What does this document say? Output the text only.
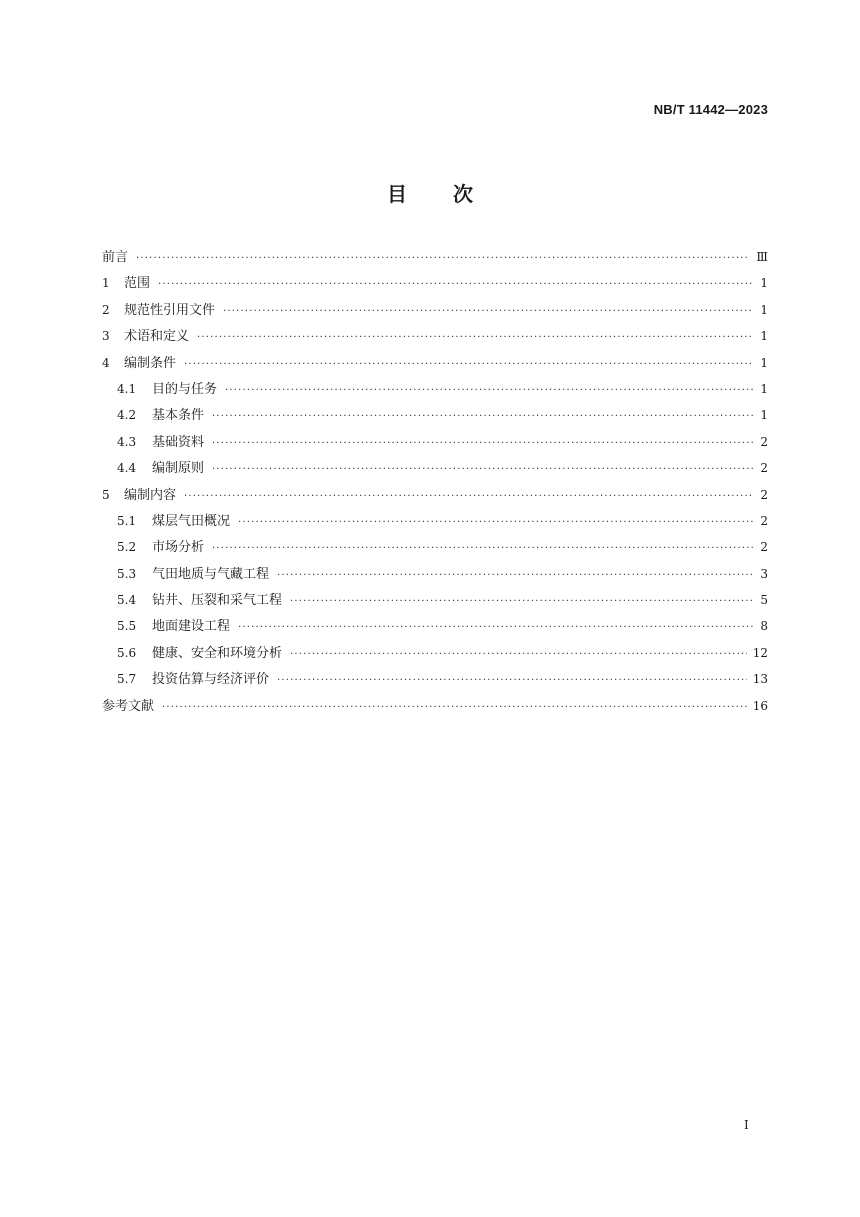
NB/T 11442—2023
目次
前言 ·····	Ⅲ
1	范围 ·····	1
2	规范性引用文件 ·····	1
3	术语和定义 ·····	1
4	编制条件 ·····	1
4.1	目的与任务 ·····	1
4.2	基本条件 ·····	1
4.3	基础资料 ·····	2
4.4	编制原则 ·····	2
5	编制内容 ·····	2
5.1	煤层气田概况 ·····	2
5.2	市场分析 ·····	2
5.3	气田地质与气藏工程 ·····	3
5.4	钻井、压裂和采气工程 ·····	5
5.5	地面建设工程 ·····	8
5.6	健康、安全和环境分析 ·····	12
5.7	投资估算与经济评价 ·····	13
参考文献 ·····	16
I
